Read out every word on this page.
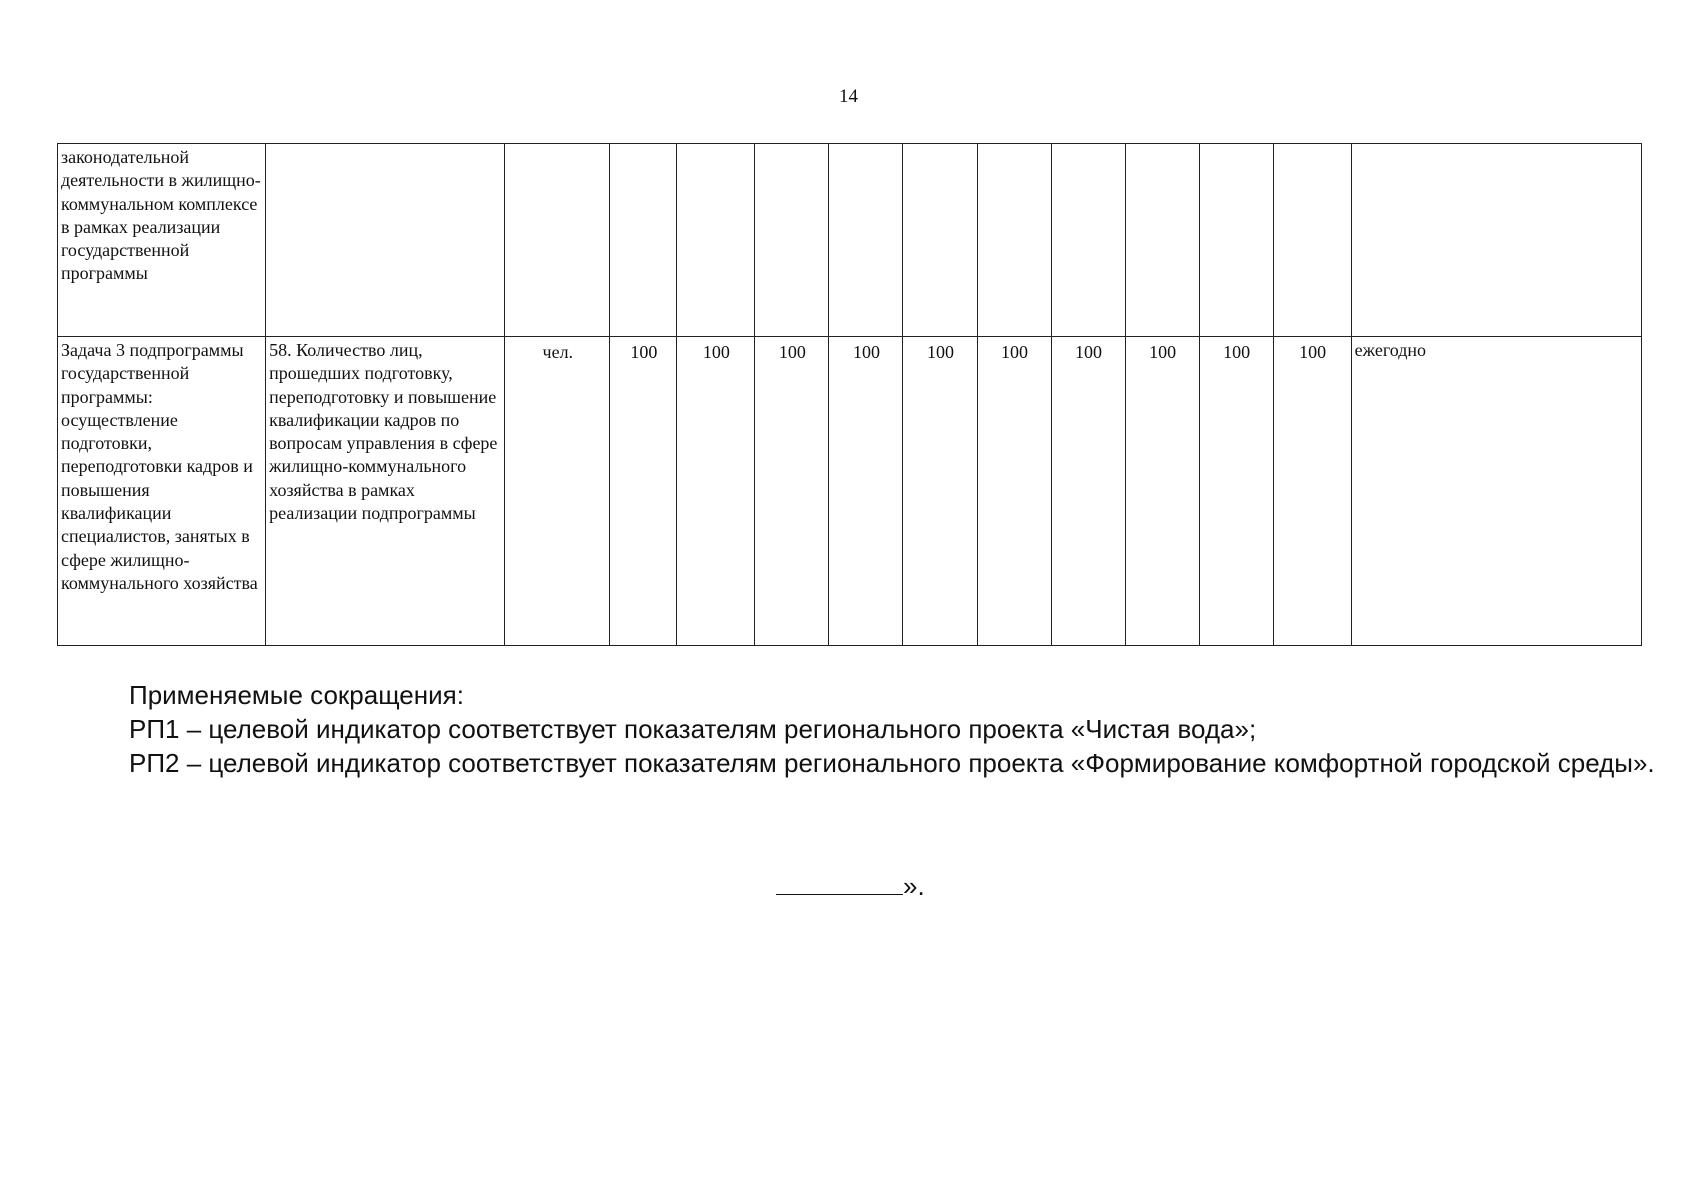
14
законодательной деятельности в жилищно-коммунальном комплексе в рамках реализации государственной программы													
Задача 3 подпрограммы государственной программы: осуществление подготовки, переподготовки кадров и повышения квалификации специалистов, занятых в сфере жилищно-коммунального хозяйства	58. Количество лиц, прошедших подготовку, переподготовку и повышение квалификации кадров по вопросам управления в сфере жилищно-коммунального хозяйства в рамках реализации подпрограммы	чел.	100	100	100	100	100	100	100	100	100	100	ежегодно
Применяемые сокращения:
РП1 – целевой индикатор соответствует показателям регионального проекта «Чистая вода»;
РП2 – целевой индикатор соответствует показателям регионального проекта «Формирование комфортной городской среды».
».
